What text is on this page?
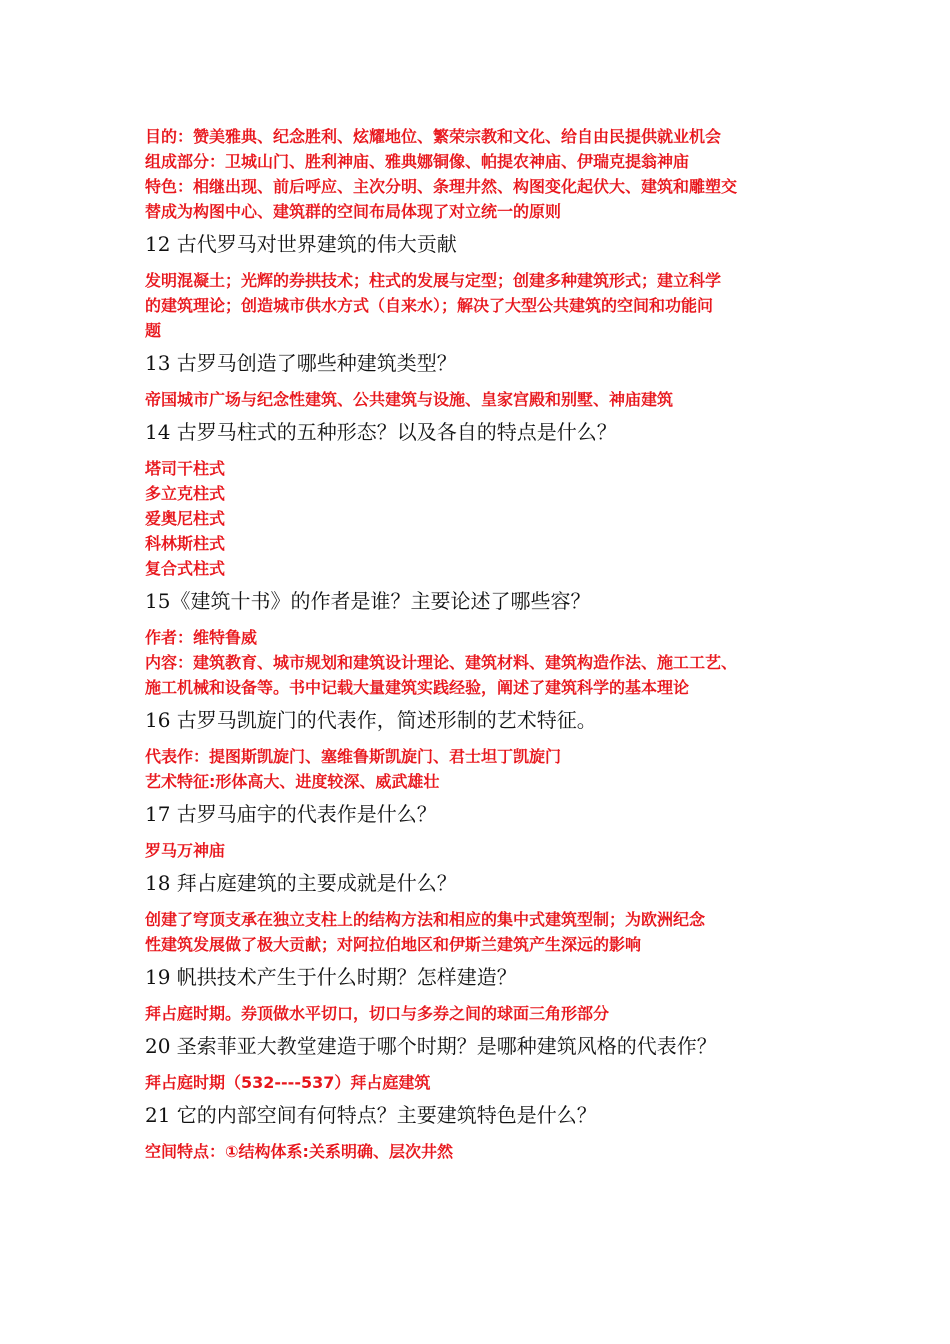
目的：赞美雅典、纪念胜利、炫耀地位、繁荣宗教和文化、给自由民提供就业机会

组成部分：卫城山门、胜利神庙、雅典娜铜像、帕提农神庙、伊瑞克提翁神庙

特色：相继出现、前后呼应、主次分明、条理井然、构图变化起伏大、建筑和雕塑交

替成为构图中心、建筑群的空间布局体现了对立统一的原则

12 古代罗马对世界建筑的伟大贡献

发明混凝土；光辉的券拱技术；柱式的发展与定型；创建多种建筑形式；建立科学

的建筑理论；创造城市供水方式（自来水）；解决了大型公共建筑的空间和功能问

题

13 古罗马创造了哪些种建筑类型？

帝国城市广场与纪念性建筑、公共建筑与设施、皇家宫殿和别墅、神庙建筑

14 古罗马柱式的五种形态？以及各自的特点是什么？

塔司干柱式

多立克柱式

爱奥尼柱式

科林斯柱式

复合式柱式

15《建筑十书》的作者是谁？主要论述了哪些容？

作者：维特鲁威

内容：建筑教育、城市规划和建筑设计理论、建筑材料、建筑构造作法、施工工艺、

施工机械和设备等。书中记载大量建筑实践经验，阐述了建筑科学的基本理论

16 古罗马凯旋门的代表作，简述形制的艺术特征。

代表作：提图斯凯旋门、塞维鲁斯凯旋门、君士坦丁凯旋门

艺术特征:形体高大、进度较深、威武雄壮

17 古罗马庙宇的代表作是什么？

罗马万神庙

18 拜占庭建筑的主要成就是什么？

创建了穹顶支承在独立支柱上的结构方法和相应的集中式建筑型制；为欧洲纪念

性建筑发展做了极大贡献；对阿拉伯地区和伊斯兰建筑产生深远的影响

19 帆拱技术产生于什么时期？怎样建造？

拜占庭时期。券顶做水平切口，切口与多券之间的球面三角形部分

20 圣索菲亚大教堂建造于哪个时期？是哪种建筑风格的代表作？

拜占庭时期（532----537）拜占庭建筑

21 它的内部空间有何特点？主要建筑特色是什么？

空间特点：①结构体系:关系明确、层次井然
